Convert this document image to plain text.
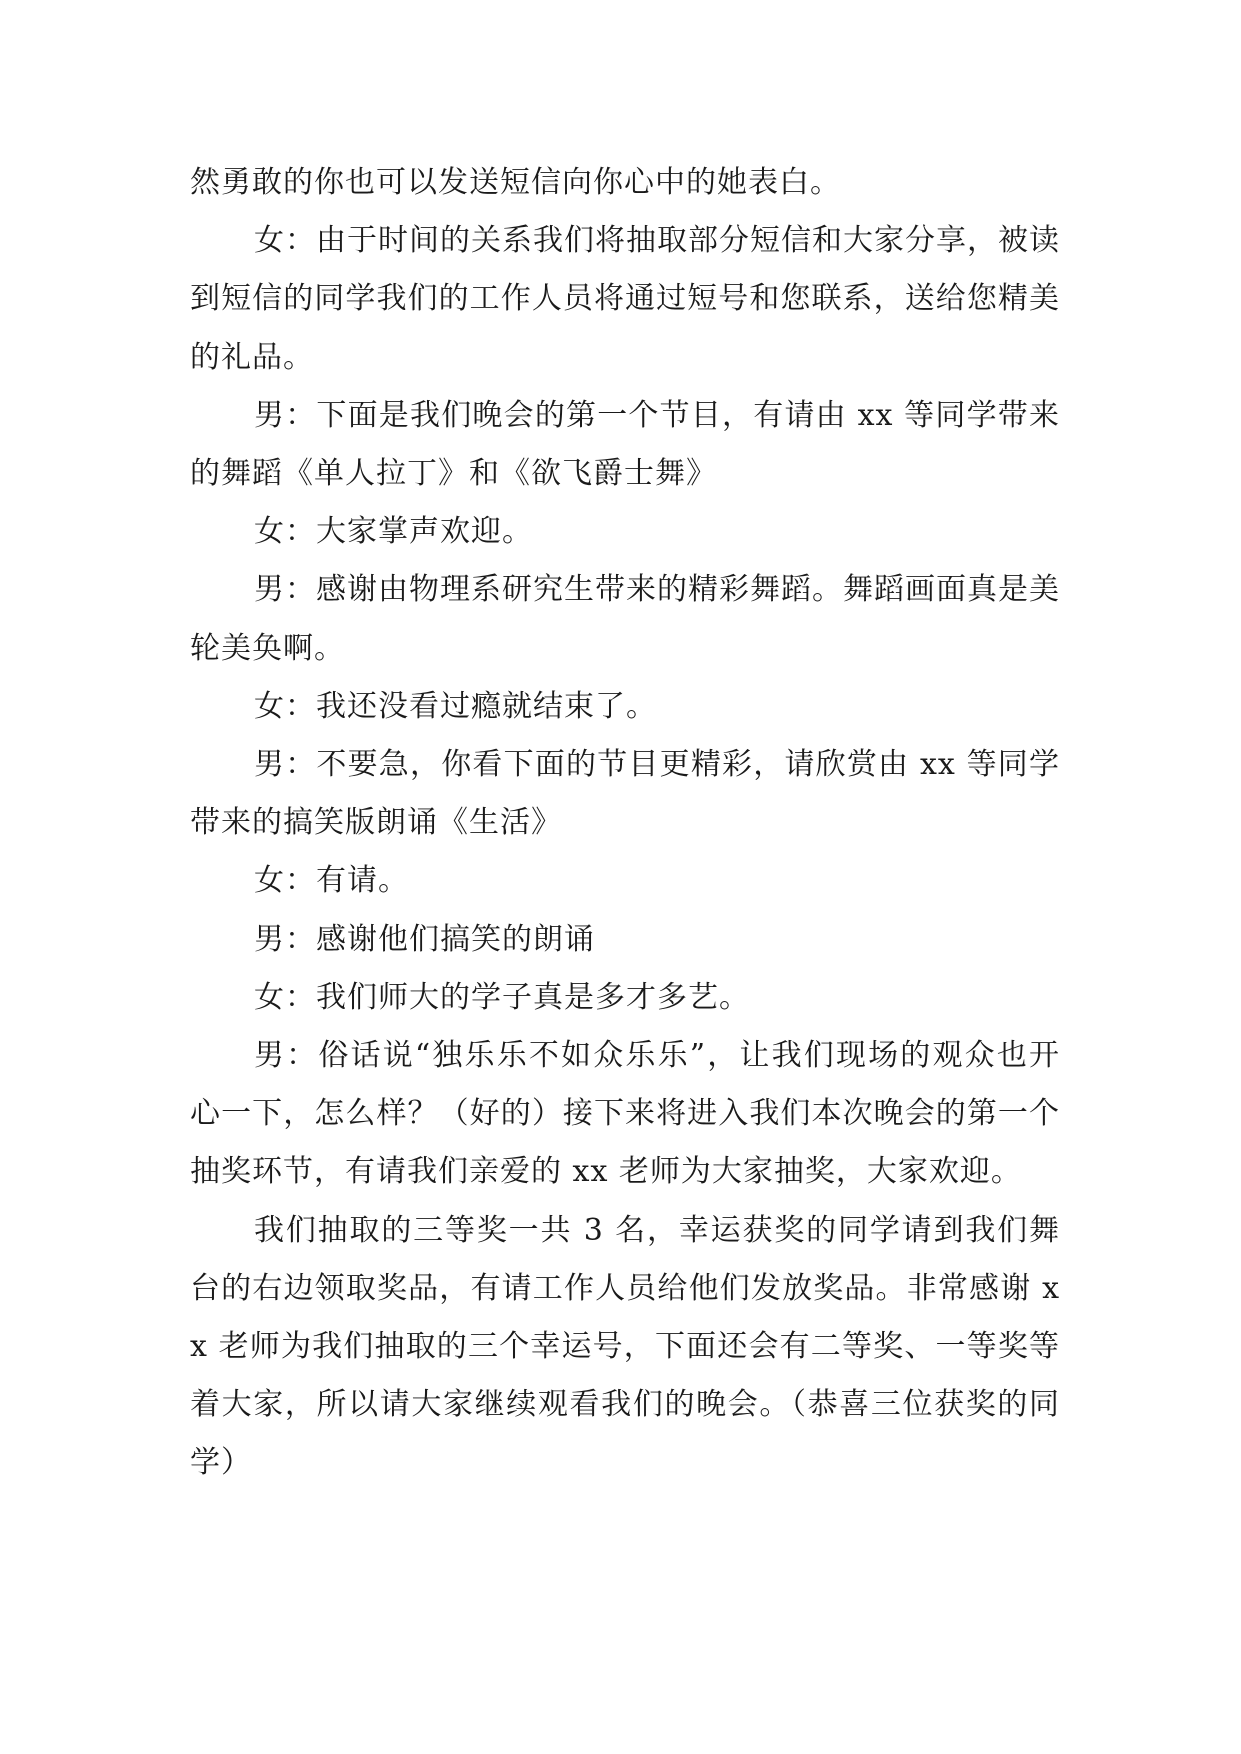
然勇敢的你也可以发送短信向你心中的她表白。

女：由于时间的关系我们将抽取部分短信和大家分享，被读到短信的同学我们的工作人员将通过短号和您联系，送给您精美的礼品。

男：下面是我们晚会的第一个节目，有请由 xx 等同学带来的舞蹈《单人拉丁》和《欲飞爵士舞》

女：大家掌声欢迎。

男：感谢由物理系研究生带来的精彩舞蹈。舞蹈画面真是美轮美奂啊。

女：我还没看过瘾就结束了。

男：不要急，你看下面的节目更精彩，请欣赏由 xx 等同学带来的搞笑版朗诵《生活》

女：有请。

男：感谢他们搞笑的朗诵

女：我们师大的学子真是多才多艺。

男：俗话说“独乐乐不如众乐乐”，让我们现场的观众也开心一下，怎么样？（好的）接下来将进入我们本次晚会的第一个抽奖环节，有请我们亲爱的 xx 老师为大家抽奖，大家欢迎。

我们抽取的三等奖一共 3 名，幸运获奖的同学请到我们舞台的右边领取奖品，有请工作人员给他们发放奖品。非常感谢 xx 老师为我们抽取的三个幸运号，下面还会有二等奖、一等奖等着大家，所以请大家继续观看我们的晚会。（恭喜三位获奖的同学）
